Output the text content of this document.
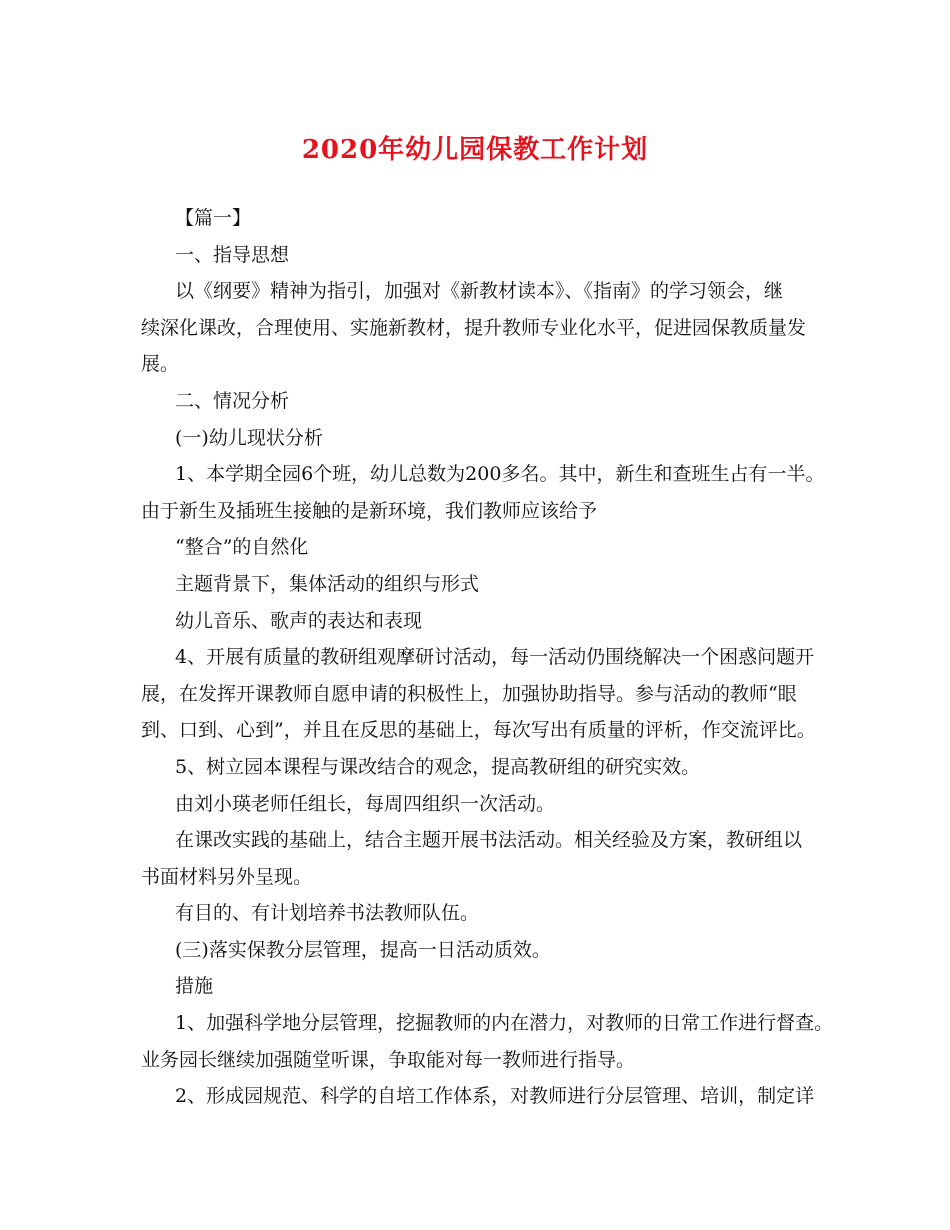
2020年幼儿园保教工作计划
【篇一】
一、指导思想
以《纲要》精神为指引，加强对《新教材读本》、《指南》的学习领会，继
续深化课改，合理使用、实施新教材，提升教师专业化水平，促进园保教质量发
展。
二、情况分析
(一)幼儿现状分析
1、本学期全园6个班，幼儿总数为200多名。其中，新生和查班生占有一半。
由于新生及插班生接触的是新环境，我们教师应该给予
“整合”的自然化
主题背景下，集体活动的组织与形式
幼儿音乐、歌声的表达和表现
4、开展有质量的教研组观摩研讨活动，每一活动仍围绕解决一个困惑问题开
展，在发挥开课教师自愿申请的积极性上，加强协助指导。参与活动的教师“眼
到、口到、心到”，并且在反思的基础上，每次写出有质量的评析，作交流评比。
5、树立园本课程与课改结合的观念，提高教研组的研究实效。
由刘小瑛老师任组长，每周四组织一次活动。
在课改实践的基础上，结合主题开展书法活动。相关经验及方案，教研组以
书面材料另外呈现。
有目的、有计划培养书法教师队伍。
(三)落实保教分层管理，提高一日活动质效。
措施
1、加强科学地分层管理，挖掘教师的内在潜力，对教师的日常工作进行督查。
业务园长继续加强随堂听课，争取能对每一教师进行指导。
2、形成园规范、科学的自培工作体系，对教师进行分层管理、培训，制定详
